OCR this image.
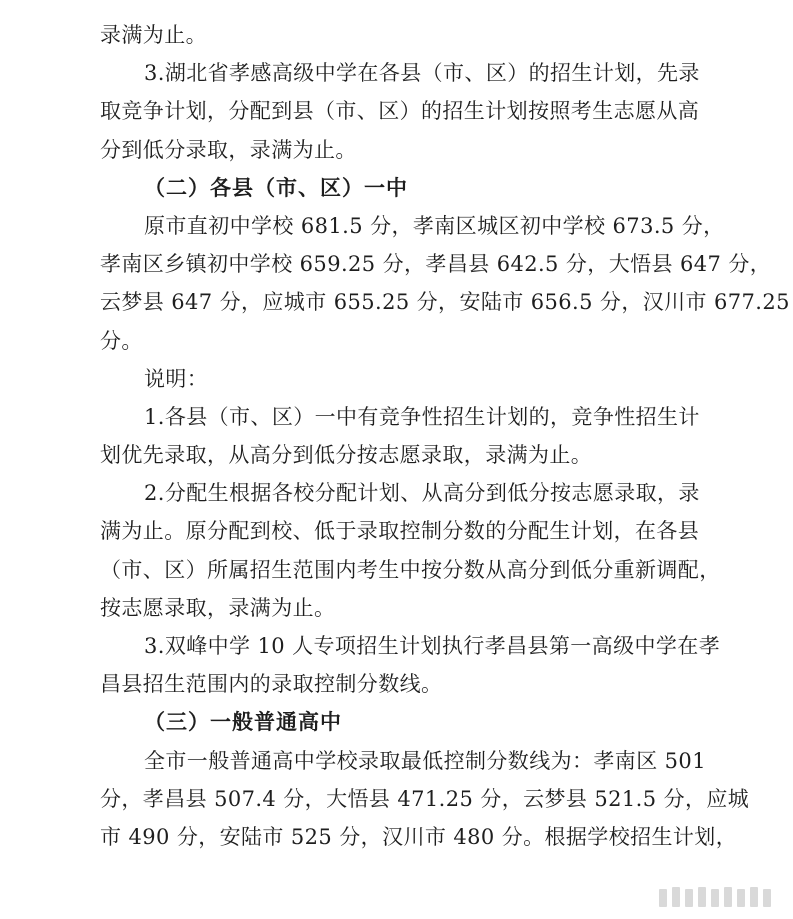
录满为止。
3.湖北省孝感高级中学在各县（市、区）的招生计划，先录
取竞争计划，分配到县（市、区）的招生计划按照考生志愿从高
分到低分录取，录满为止。
（二）各县（市、区）一中
原市直初中学校 681.5 分，孝南区城区初中学校 673.5 分，
孝南区乡镇初中学校 659.25 分，孝昌县 642.5 分，大悟县 647 分，
云梦县 647 分，应城市 655.25 分，安陆市 656.5 分，汉川市 677.25
分。
说明：
1.各县（市、区）一中有竞争性招生计划的，竞争性招生计
划优先录取，从高分到低分按志愿录取，录满为止。
2.分配生根据各校分配计划、从高分到低分按志愿录取，录
满为止。原分配到校、低于录取控制分数的分配生计划，在各县
（市、区）所属招生范围内考生中按分数从高分到低分重新调配，
按志愿录取，录满为止。
3.双峰中学 10 人专项招生计划执行孝昌县第一高级中学在孝
昌县招生范围内的录取控制分数线。
（三）一般普通高中
全市一般普通高中学校录取最低控制分数线为：孝南区 501
分，孝昌县 507.4 分，大悟县 471.25 分，云梦县 521.5 分，应城
市 490 分，安陆市 525 分，汉川市 480 分。根据学校招生计划，
